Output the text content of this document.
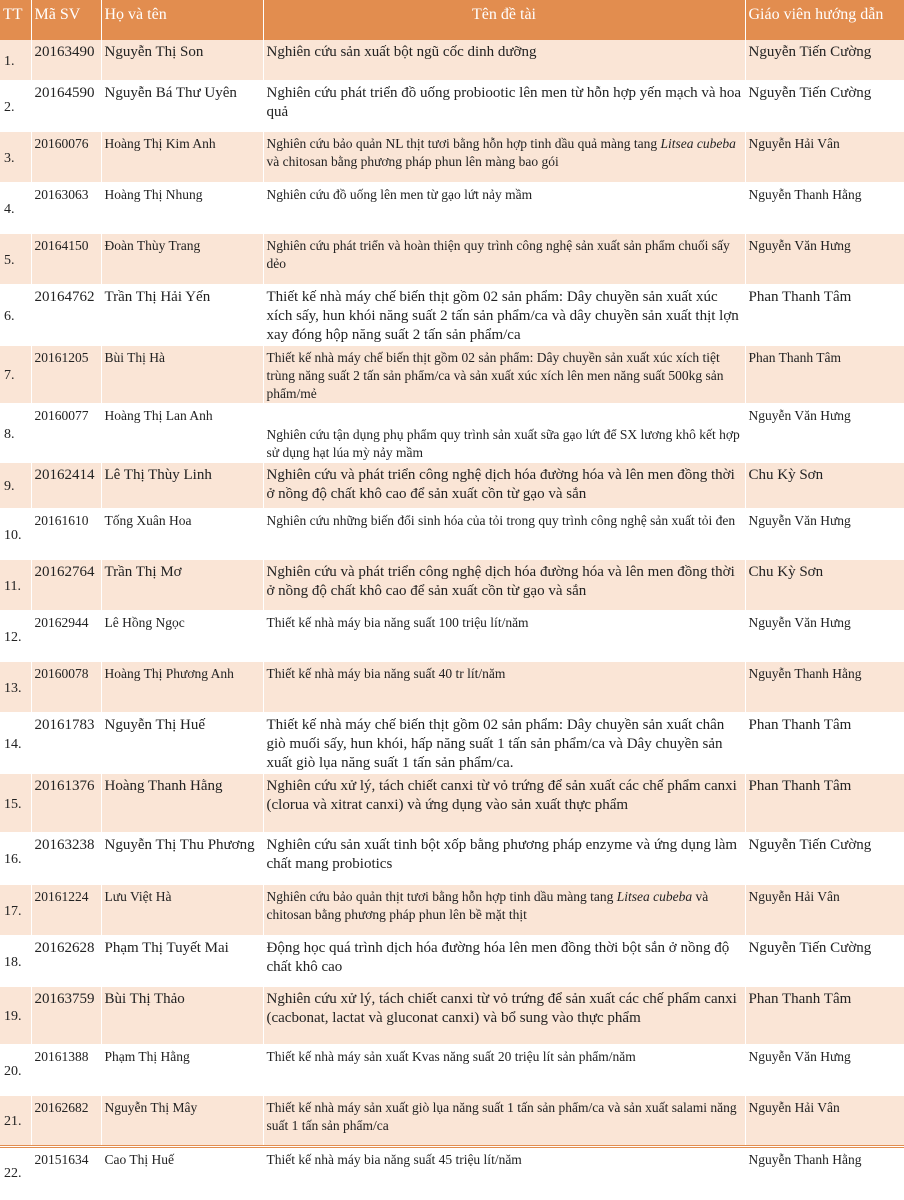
TT	Mã SV	Họ và tên	Tên đề tài	Giáo viên hướng dẫn
1.	20163490	Nguyễn Thị Son	Nghiên cứu sản xuất bột ngũ cốc dinh dưỡng	Nguyễn Tiến Cường
2.	20164590	Nguyễn Bá Thư Uyên	Nghiên cứu phát triển đồ uống probiootic lên men từ hỗn hợp yến mạch và hoa quả	Nguyễn Tiến Cường
3.	20160076	Hoàng Thị Kim Anh	Nghiên cứu bảo quản NL thịt tươi bằng hỗn hợp tinh dầu quả màng tang Litsea cubeba và chitosan bằng phương pháp phun lên màng bao gói	Nguyễn Hải Vân
4.	20163063	Hoàng Thị Nhung	Nghiên cứu đồ uống lên men từ gạo lứt nảy mầm	Nguyễn Thanh Hằng
5.	20164150	Đoàn Thùy Trang	Nghiên cứu phát triển và hoàn thiện quy trình công nghệ sản xuất sản phẩm chuối sấy dẻo	Nguyễn Văn Hưng
6.	20164762	Trần Thị Hải Yến	Thiết kế nhà máy chế biến thịt gồm 02 sản phẩm: Dây chuyền sản xuất xúc xích sấy, hun khói năng suất 2 tấn sản phẩm/ca và dây chuyền sản xuất thịt lợn xay đóng hộp năng suất 2 tấn sản phẩm/ca	Phan Thanh Tâm
7.	20161205	Bùi Thị Hà	Thiết kế nhà máy chế biến thịt gồm 02 sản phẩm: Dây chuyền sản xuất xúc xích tiệt trùng năng suất 2 tấn sản phẩm/ca và sản xuất xúc xích lên men năng suất 500kg sản phẩm/mẻ	Phan Thanh Tâm
8.	20160077	Hoàng Thị Lan Anh	Nghiên cứu tận dụng phụ phẩm quy trình sản xuất sữa gạo lứt để SX lương khô kết hợp sử dụng hạt lúa mỳ nảy mầm	Nguyễn Văn Hưng
9.	20162414	Lê Thị Thùy Linh	Nghiên cứu và phát triển công nghệ dịch hóa đường hóa và lên men đồng thời ở nồng độ chất khô cao để sản xuất cồn từ gạo và sắn	Chu Kỳ Sơn
10.	20161610	Tống Xuân Hoa	Nghiên cứu những biến đổi sinh hóa của tỏi trong quy trình công nghệ sản xuất tỏi đen	Nguyễn Văn Hưng
11.	20162764	Trần Thị Mơ	Nghiên cứu và phát triển công nghệ dịch hóa đường hóa và lên men đồng thời ở nồng độ chất khô cao để sản xuất cồn từ gạo và sắn	Chu Kỳ Sơn
12.	20162944	Lê Hồng Ngọc	Thiết kế nhà máy bia năng suất 100 triệu lít/năm	Nguyễn Văn Hưng
13.	20160078	Hoàng Thị Phương Anh	Thiết kế nhà máy bia năng suất 40 tr lít/năm	Nguyễn Thanh Hằng
14.	20161783	Nguyễn Thị Huế	Thiết kế nhà máy chế biến thịt gồm 02 sản phẩm: Dây chuyền sản xuất chân giò muối sấy, hun khói, hấp năng suất 1 tấn sản phẩm/ca và Dây chuyền sản xuất giò lụa năng suất 1 tấn sản phẩm/ca.	Phan Thanh Tâm
15.	20161376	Hoàng Thanh Hằng	Nghiên cứu xử lý, tách chiết canxi từ vỏ trứng để sản xuất các chế phẩm canxi (clorua và xitrat canxi) và ứng dụng vào sản xuất thực phẩm	Phan Thanh Tâm
16.	20163238	Nguyễn Thị Thu Phương	Nghiên cứu sản xuất tinh bột xốp bằng phương pháp enzyme và ứng dụng làm chất mang probiotics	Nguyễn Tiến Cường
17.	20161224	Lưu Việt Hà	Nghiên cứu bảo quản thịt tươi bằng hỗn hợp tinh dầu màng tang Litsea cubeba và chitosan bằng phương pháp phun lên bề mặt thịt	Nguyễn Hải Vân
18.	20162628	Phạm Thị Tuyết Mai	Động học quá trình dịch hóa đường hóa lên men đồng thời bột sắn ở nồng độ chất khô cao	Nguyễn Tiến Cường
19.	20163759	Bùi Thị Thảo	Nghiên cứu xử lý, tách chiết canxi từ vỏ trứng để sản xuất các chế phẩm canxi (cacbonat, lactat và gluconat canxi) và bổ sung vào thực phẩm	Phan Thanh Tâm
20.	20161388	Phạm Thị Hằng	Thiết kế nhà máy sản xuất Kvas năng suất 20 triệu lít sản phẩm/năm	Nguyễn Văn Hưng
21.	20162682	Nguyễn Thị Mây	Thiết kế nhà máy sản xuất giò lụa năng suất 1 tấn sản phẩm/ca và sản xuất salami năng suất 1 tấn sản phẩm/ca	Nguyễn Hải Vân
22.	20151634	Cao Thị Huế	Thiết kế nhà máy bia năng suất 45 triệu lít/năm	Nguyễn Thanh Hằng
